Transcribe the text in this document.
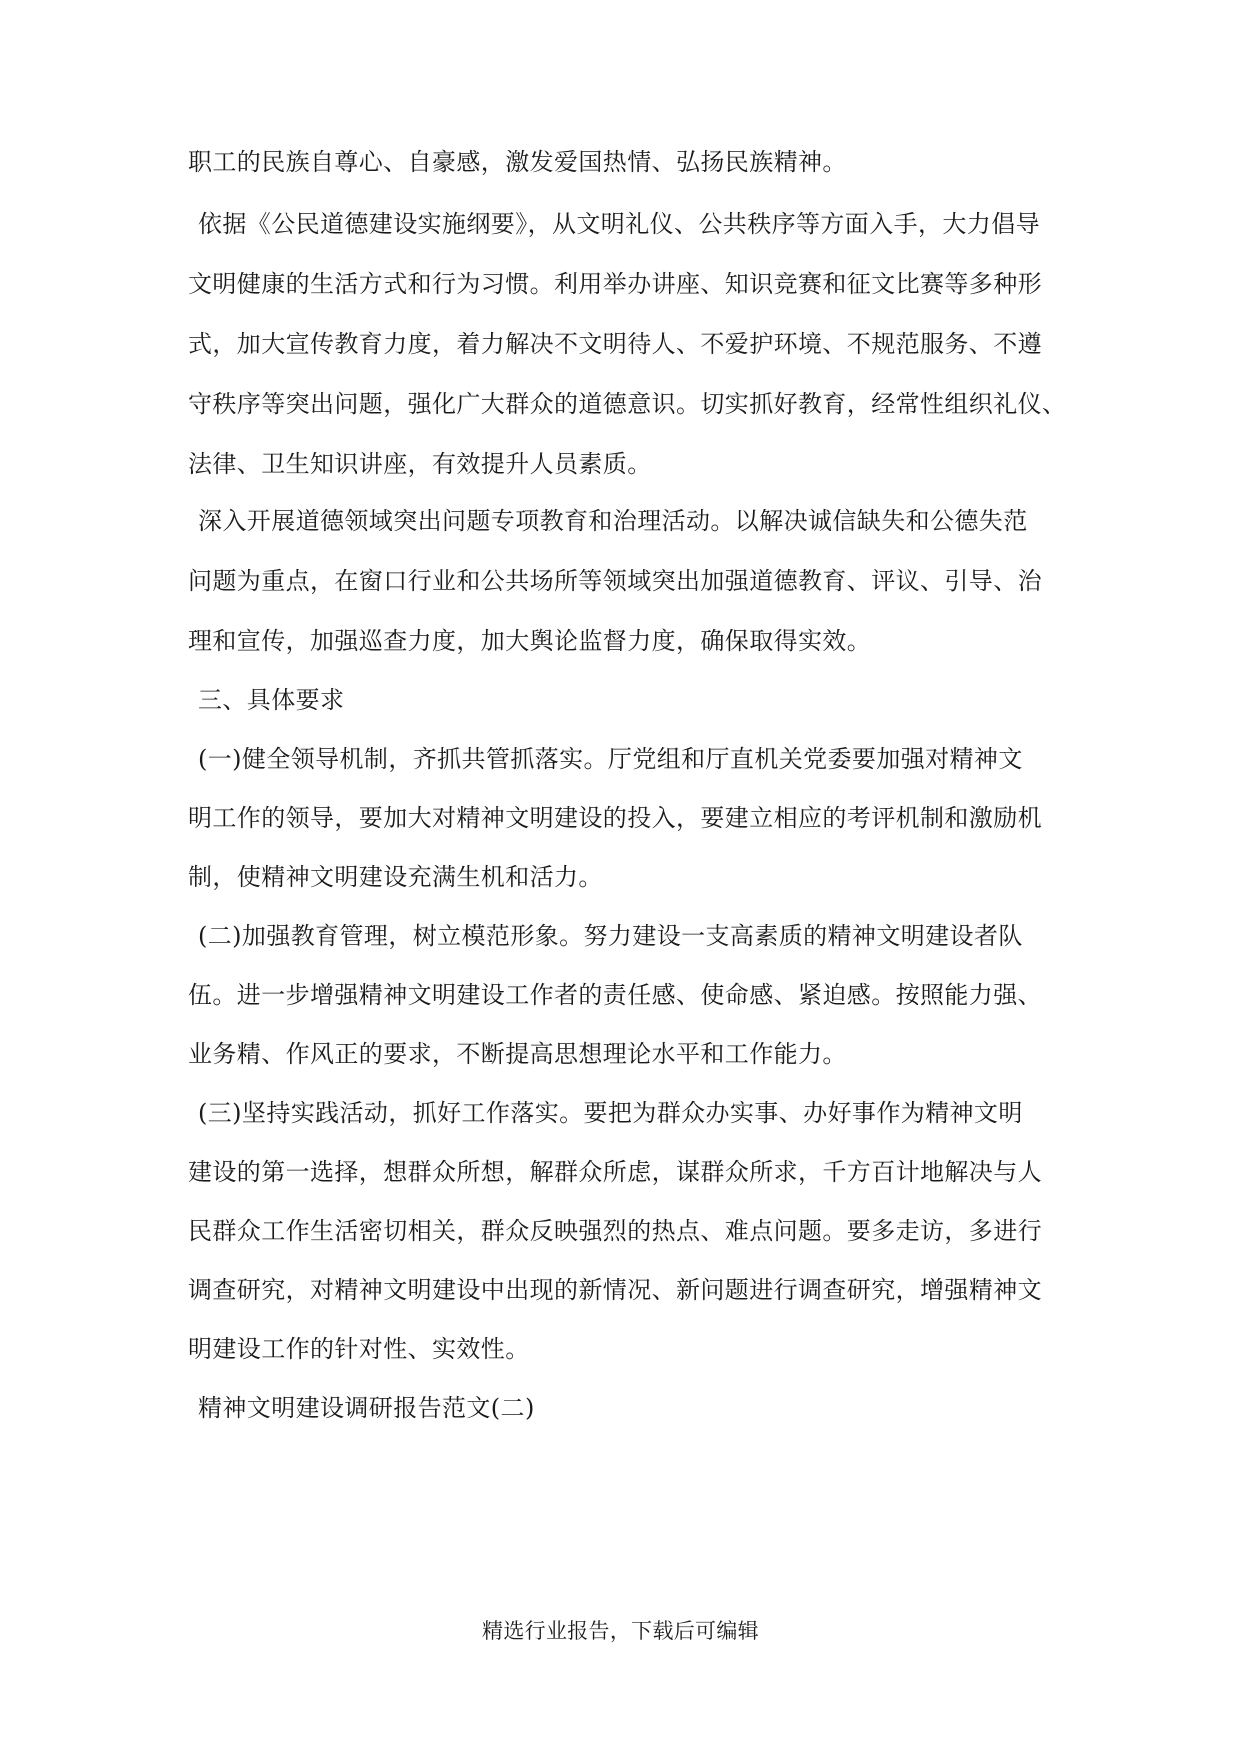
职工的民族自尊心、自豪感，激发爱国热情、弘扬民族精神。
依据《公民道德建设实施纲要》，从文明礼仪、公共秩序等方面入手，大力倡导
文明健康的生活方式和行为习惯。利用举办讲座、知识竞赛和征文比赛等多种形
式，加大宣传教育力度，着力解决不文明待人、不爱护环境、不规范服务、不遵
守秩序等突出问题，强化广大群众的道德意识。切实抓好教育，经常性组织礼仪、
法律、卫生知识讲座，有效提升人员素质。
深入开展道德领域突出问题专项教育和治理活动。以解决诚信缺失和公德失范
问题为重点，在窗口行业和公共场所等领域突出加强道德教育、评议、引导、治
理和宣传，加强巡查力度，加大舆论监督力度，确保取得实效。
三、具体要求
(一)健全领导机制，齐抓共管抓落实。厅党组和厅直机关党委要加强对精神文
明工作的领导，要加大对精神文明建设的投入，要建立相应的考评机制和激励机
制，使精神文明建设充满生机和活力。
(二)加强教育管理，树立模范形象。努力建设一支高素质的精神文明建设者队
伍。进一步增强精神文明建设工作者的责任感、使命感、紧迫感。按照能力强、
业务精、作风正的要求，不断提高思想理论水平和工作能力。
(三)坚持实践活动，抓好工作落实。要把为群众办实事、办好事作为精神文明
建设的第一选择，想群众所想，解群众所虑，谋群众所求，千方百计地解决与人
民群众工作生活密切相关，群众反映强烈的热点、难点问题。要多走访，多进行
调查研究，对精神文明建设中出现的新情况、新问题进行调查研究，增强精神文
明建设工作的针对性、实效性。
精神文明建设调研报告范文(二)
精选行业报告，下载后可编辑
